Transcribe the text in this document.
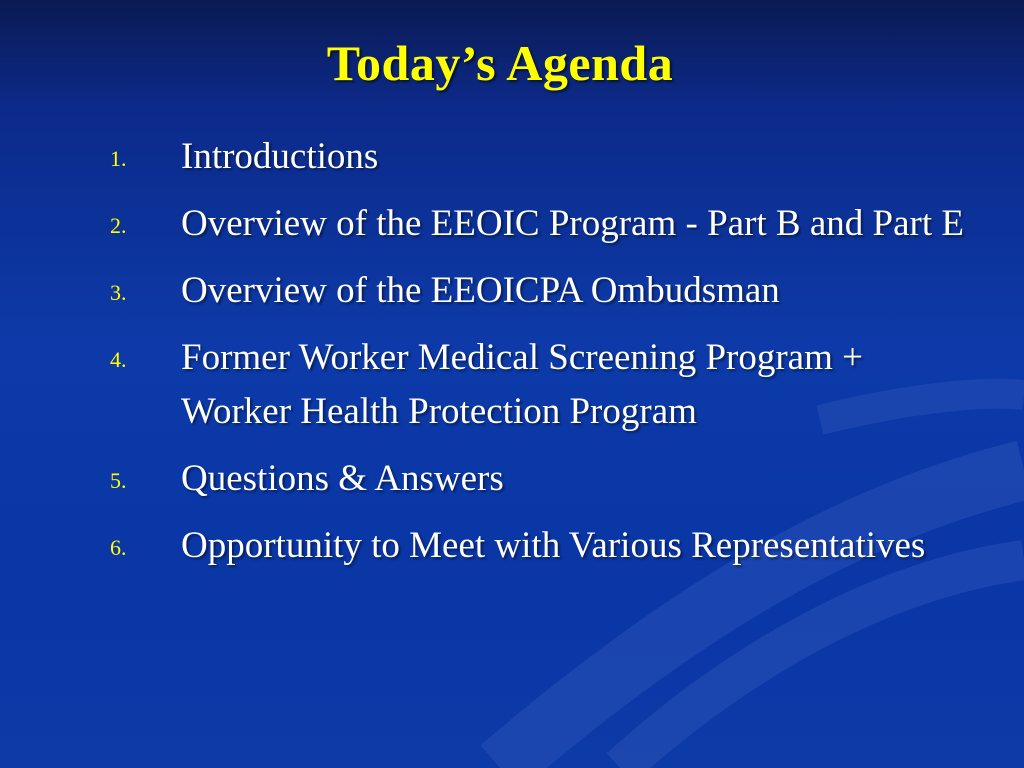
Today’s Agenda
1. Introductions
2. Overview of the EEOIC Program - Part B and Part E
3. Overview of the EEOICPA Ombudsman
4. Former Worker Medical Screening Program + Worker Health Protection Program
5. Questions & Answers
6. Opportunity to Meet with Various Representatives
